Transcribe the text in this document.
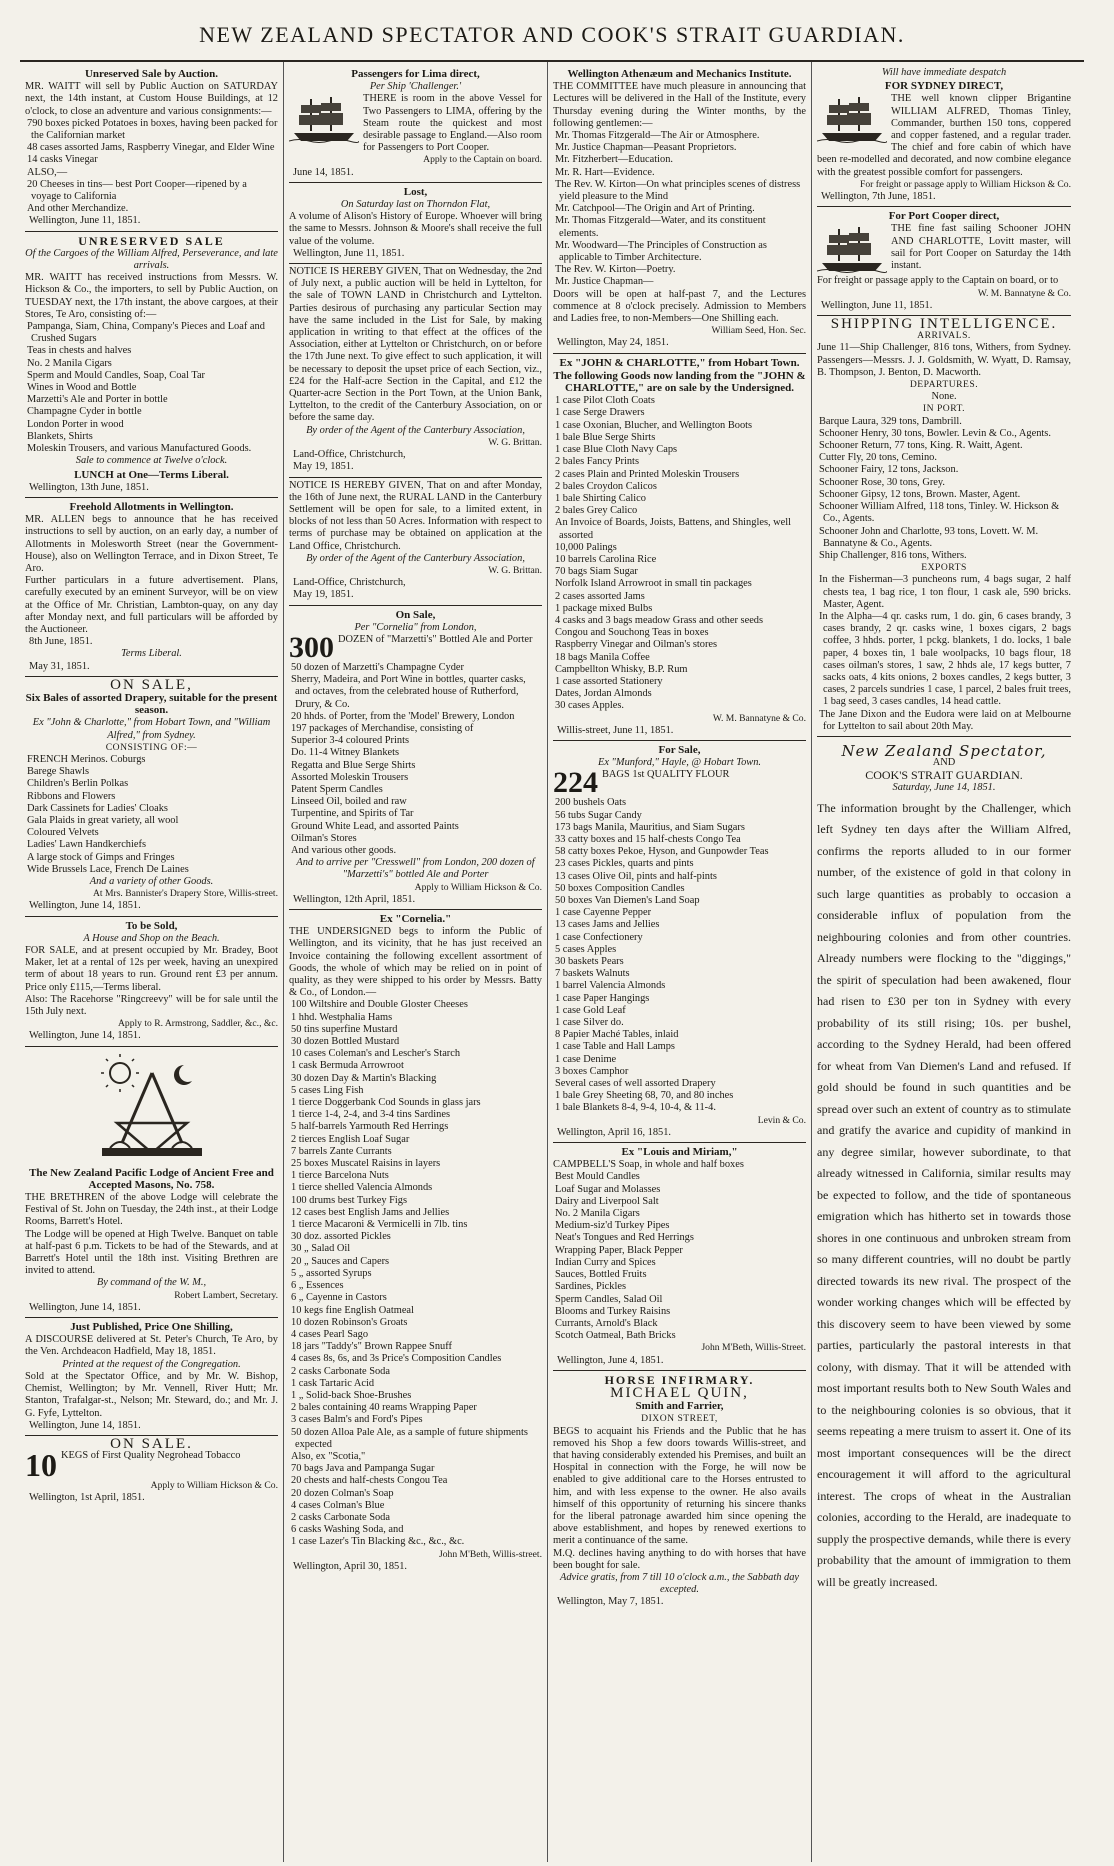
NEW ZEALAND SPECTATOR AND COOK'S STRAIT GUARDIAN.
Unreserved Sale by Auction.
MR. WAITT will sell by Public Auction on SATURDAY next, the 14th instant, at Custom House Buildings, at 12 o'clock, to close an adventure and various consignments:—
790 boxes picked Potatoes in boxes, having been packed for the Californian market
48 cases assorted Jams, Raspberry Vinegar, and Elder Wine
14 casks Vinegar
ALSO,—
20 Cheeses in tins— best Port Cooper—ripened by a voyage to California
And other Merchandize.
Wellington, June 11, 1851.
UNRESERVED SALE
Of the Cargoes of the William Alfred, Perseverance, and late arrivals.
MR. WAITT has received instructions from Messrs. W. Hickson & Co., the importers, to sell by Public Auction, on TUESDAY next, the 17th instant, the above cargoes, at their Stores, Te Aro, consisting of:—
Pampanga, Siam, China, Company's Pieces and Loaf and Crushed Sugars
Teas in chests and halves
No. 2 Manila Cigars
Sperm and Mould Candles, Soap, Coal Tar
Wines in Wood and Bottle
Marzetti's Ale and Porter in bottle
Champagne Cyder in bottle
London Porter in wood
Blankets, Shirts
Moleskin Trousers, and various Manufactured Goods.
Sale to commence at Twelve o'clock.
LUNCH at One—Terms Liberal.
Wellington, 13th June, 1851.
Freehold Allotments in Wellington.
MR. ALLEN begs to announce that he has received instructions to sell by auction, on an early day, a number of Allotments in Molesworth Street (near the Government-House), also on Wellington Terrace, and in Dixon Street, Te Aro.
Further particulars in a future advertisement. Plans, carefully executed by an eminent Surveyor, will be on view at the Office of Mr. Christian, Lambton-quay, on any day after Monday next, and full particulars will be afforded by the Auctioneer.
8th June, 1851.
Terms Liberal.
May 31, 1851.
ON SALE,
Six Bales of assorted Drapery, suitable for the present season.
Ex "John & Charlotte," from Hobart Town, and "William Alfred," from Sydney.
CONSISTING OF:—
FRENCH Merinos. Coburgs
Barege Shawls
Children's Berlin Polkas
Ribbons and Flowers
Dark Cassinets for Ladies' Cloaks
Gala Plaids in great variety, all wool
Coloured Velvets
Ladies' Lawn Handkerchiefs
A large stock of Gimps and Fringes
Wide Brussels Lace, French De Laines
And a variety of other Goods.
At Mrs. Bannister's Drapery Store, Willis-street.
Wellington, June 14, 1851.
To be Sold,
A House and Shop on the Beach.
FOR SALE, and at present occupied by Mr. Bradey, Boot Maker, let at a rental of 12s per week, having an unexpired term of about 18 years to run. Ground rent £3 per annum. Price only £115,—Terms liberal.
Also: The Racehorse "Ringcreevy" will be for sale until the 15th July next.
Apply to R. Armstrong, Saddler, &c., &c.
Wellington, June 14, 1851.
The New Zealand Pacific Lodge of Ancient Free and Accepted Masons, No. 758.
THE BRETHREN of the above Lodge will celebrate the Festival of St. John on Tuesday, the 24th inst., at their Lodge Rooms, Barrett's Hotel.
The Lodge will be opened at High Twelve. Banquet on table at half-past 6 p.m. Tickets to be had of the Stewards, and at Barrett's Hotel until the 18th inst. Visiting Brethren are invited to attend.
By command of the W. M.,
Robert Lambert, Secretary.
Wellington, June 14, 1851.
Just Published, Price One Shilling,
A DISCOURSE delivered at St. Peter's Church, Te Aro, by the Ven. Archdeacon Hadfield, May 18, 1851.
Printed at the request of the Congregation.
Sold at the Spectator Office, and by Mr. W. Bishop, Chemist, Wellington; by Mr. Vennell, River Hutt; Mr. Stanton, Trafalgar-st., Nelson; Mr. Steward, do.; and Mr. J. G. Fyfe, Lyttelton.
Wellington, June 14, 1851.
ON SALE.
10 KEGS of First Quality Negrohead Tobacco
Apply to William Hickson & Co.
Wellington, 1st April, 1851.
Passengers for Lima direct,
Per Ship 'Challenger.'
THERE is room in the above Vessel for Two Passengers to LIMA, offering by the Steam route the quickest and most desirable passage to England.—Also room for Passengers to Port Cooper.
Apply to the Captain on board.
June 14, 1851.
Lost,
On Saturday last on Thorndon Flat,
A volume of Alison's History of Europe. Whoever will bring the same to Messrs. Johnson & Moore's shall receive the full value of the volume.
Wellington, June 11, 1851.
NOTICE IS HEREBY GIVEN, That on Wednesday, the 2nd of July next, a public auction will be held in Lyttelton, for the sale of TOWN LAND in Christchurch and Lyttelton. Parties desirous of purchasing any particular Section may have the same included in the List for Sale, by making application in writing to that effect at the offices of the Association, either at Lyttelton or Christchurch, on or before the 17th June next. To give effect to such application, it will be necessary to deposit the upset price of each Section, viz., £24 for the Half-acre Section in the Capital, and £12 the Quarter-acre Section in the Port Town, at the Union Bank, Lyttelton, to the credit of the Canterbury Association, on or before the same day.
By order of the Agent of the Canterbury Association,
W. G. Brittan.
Land-Office, Christchurch,
May 19, 1851.
NOTICE IS HEREBY GIVEN, That on and after Monday, the 16th of June next, the RURAL LAND in the Canterbury Settlement will be open for sale, to a limited extent, in blocks of not less than 50 Acres. Information with respect to terms of purchase may be obtained on application at the Land Office, Christchurch.
By order of the Agent of the Canterbury Association,
W. G. Brittan.
Land-Office, Christchurch,
May 19, 1851.
On Sale,
Per "Cornelia" from London,
300 DOZEN of "Marzetti's" Bottled Ale and Porter
50 dozen of Marzetti's Champagne Cyder
Sherry, Madeira, and Port Wine in bottles, quarter casks, and octaves, from the celebrated house of Rutherford, Drury, & Co.
20 hhds. of Porter, from the 'Model' Brewery, London
197 packages of Merchandise, consisting of
Superior 3-4 coloured Prints
Do. 11-4 Witney Blankets
Regatta and Blue Serge Shirts
Assorted Moleskin Trousers
Patent Sperm Candles
Linseed Oil, boiled and raw
Turpentine, and Spirits of Tar
Ground White Lead, and assorted Paints
Oilman's Stores
And various other goods.
And to arrive per "Cresswell" from London, 200 dozen of "Marzetti's" bottled Ale and Porter
Apply to William Hickson & Co.
Wellington, 12th April, 1851.
Ex "Cornelia."
THE UNDERSIGNED begs to inform the Public of Wellington, and its vicinity, that he has just received an Invoice containing the following excellent assortment of Goods, the whole of which may be relied on in point of quality, as they were shipped to his order by Messrs. Batty & Co., of London.—
100 Wiltshire and Double Gloster Cheeses
1 hhd. Westphalia Hams
50 tins superfine Mustard
30 dozen Bottled Mustard
10 cases Coleman's and Lescher's Starch
1 cask Bermuda Arrowroot
30 dozen Day & Martin's Blacking
5 cases Ling Fish
1 tierce Doggerbank Cod Sounds in glass jars
1 tierce 1-4, 2-4, and 3-4 tins Sardines
5 half-barrels Yarmouth Red Herrings
2 tierces English Loaf Sugar
7 barrels Zante Currants
25 boxes Muscatel Raisins in layers
1 tierce Barcelona Nuts
1 tierce shelled Valencia Almonds
100 drums best Turkey Figs
12 cases best English Jams and Jellies
1 tierce Macaroni & Vermicelli in 7lb. tins
30 doz. assorted Pickles
30 „ Salad Oil
20 „ Sauces and Capers
5 „ assorted Syrups
6 „ Essences
6 „ Cayenne in Castors
10 kegs fine English Oatmeal
10 dozen Robinson's Groats
4 cases Pearl Sago
18 jars "Taddy's" Brown Rappee Snuff
4 cases 8s, 6s, and 3s Price's Composition Candles
2 casks Carbonate Soda
1 cask Tartaric Acid
1 „ Solid-back Shoe-Brushes
2 bales containing 40 reams Wrapping Paper
3 cases Balm's and Ford's Pipes
50 dozen Alloa Pale Ale, as a sample of future shipments expected
Also, ex "Scotia,"
70 bags Java and Pampanga Sugar
20 chests and half-chests Congou Tea
20 dozen Colman's Soap
4 cases Colman's Blue
2 casks Carbonate Soda
6 casks Washing Soda, and
1 case Lazer's Tin Blacking &c., &c., &c.
John M'Beth, Willis-street.
Wellington, April 30, 1851.
Wellington Athenæum and Mechanics Institute.
THE COMMITTEE have much pleasure in announcing that Lectures will be delivered in the Hall of the Institute, every Thursday evening during the Winter months, by the following gentlemen:—
Mr. Thomas Fitzgerald—The Air or Atmosphere.
Mr. Justice Chapman—Peasant Proprietors.
Mr. Fitzherbert—Education.
Mr. R. Hart—Evidence.
The Rev. W. Kirton—On what principles scenes of distress yield pleasure to the Mind
Mr. Catchpool—The Origin and Art of Printing.
Mr. Thomas Fitzgerald—Water, and its constituent elements.
Mr. Woodward—The Principles of Construction as applicable to Timber Architecture.
The Rev. W. Kirton—Poetry.
Mr. Justice Chapman—
Doors will be open at half-past 7, and the Lectures commence at 8 o'clock precisely. Admission to Members and Ladies free, to non-Members—One Shilling each.
William Seed, Hon. Sec.
Wellington, May 24, 1851.
Ex "JOHN & CHARLOTTE," from Hobart Town.
The following Goods now landing from the "JOHN & CHARLOTTE," are on sale by the Undersigned.
1 case Pilot Cloth Coats
1 case Serge Drawers
1 case Oxonian, Blucher, and Wellington Boots
1 bale Blue Serge Shirts
1 case Blue Cloth Navy Caps
2 bales Fancy Prints
2 cases Plain and Printed Moleskin Trousers
2 bales Croydon Calicos
1 bale Shirting Calico
2 bales Grey Calico
An Invoice of Boards, Joists, Battens, and Shingles, well assorted
10,000 Palings
10 barrels Carolina Rice
70 bags Siam Sugar
Norfolk Island Arrowroot in small tin packages
2 cases assorted Jams
1 package mixed Bulbs
4 casks and 3 bags meadow Grass and other seeds
Congou and Souchong Teas in boxes
Raspberry Vinegar and Oilman's stores
18 bags Manila Coffee
Campbellton Whisky, B.P. Rum
1 case assorted Stationery
Dates, Jordan Almonds
30 cases Apples.
W. M. Bannatyne & Co.
Willis-street, June 11, 1851.
For Sale,
Ex "Munford," Hayle, @ Hobart Town.
224 BAGS 1st QUALITY FLOUR
200 bushels Oats
56 tubs Sugar Candy
173 bags Manila, Mauritius, and Siam Sugars
33 catty boxes and 15 half-chests Congo Tea
58 catty boxes Pekoe, Hyson, and Gunpowder Teas
23 cases Pickles, quarts and pints
13 cases Olive Oil, pints and half-pints
50 boxes Composition Candles
50 boxes Van Diemen's Land Soap
1 case Cayenne Pepper
13 cases Jams and Jellies
1 case Confectionery
5 cases Apples
30 baskets Pears
7 baskets Walnuts
1 barrel Valencia Almonds
1 case Paper Hangings
1 case Gold Leaf
1 case Silver do.
8 Papier Maché Tables, inlaid
1 case Table and Hall Lamps
1 case Denime
3 boxes Camphor
Several cases of well assorted Drapery
1 bale Grey Sheeting 68, 70, and 80 inches
1 bale Blankets 8-4, 9-4, 10-4, & 11-4.
Levin & Co.
Wellington, April 16, 1851.
Ex "Louis and Miriam,"
CAMPBELL'S Soap, in whole and half boxes
Best Mould Candles
Loaf Sugar and Molasses
Dairy and Liverpool Salt
No. 2 Manila Cigars
Medium-siz'd Turkey Pipes
Neat's Tongues and Red Herrings
Wrapping Paper, Black Pepper
Indian Curry and Spices
Sauces, Bottled Fruits
Sardines, Pickles
Sperm Candles, Salad Oil
Blooms and Turkey Raisins
Currants, Arnold's Black
Scotch Oatmeal, Bath Bricks
John M'Beth, Willis-Street.
Wellington, June 4, 1851.
HORSE INFIRMARY.
MICHAEL QUIN,
Smith and Farrier,
DIXON STREET,
BEGS to acquaint his Friends and the Public that he has removed his Shop a few doors towards Willis-street, and that having considerably extended his Premises, and built an Hospital in connection with the Forge, he will now be enabled to give additional care to the Horses entrusted to him, and with less expense to the owner. He also avails himself of this opportunity of returning his sincere thanks for the liberal patronage awarded him since opening the above establishment, and hopes by renewed exertions to merit a continuance of the same.
M.Q. declines having anything to do with horses that have been bought for sale.
Advice gratis, from 7 till 10 o'clock a.m., the Sabbath day excepted.
Wellington, May 7, 1851.
Will have immediate despatch
FOR SYDNEY DIRECT,
THE well known clipper Brigantine WILLIAM ALFRED, Thomas Tinley, Commander, burthen 150 tons, coppered and copper fastened, and a regular trader. The chief and fore cabin of which have been re-modelled and decorated, and now combine elegance with the greatest possible comfort for passengers.
For freight or passage apply to William Hickson & Co.
Wellington, 7th June, 1851.
For Port Cooper direct,
THE fine fast sailing Schooner JOHN AND CHARLOTTE, Lovitt master, will sail for Port Cooper on Saturday the 14th instant.
For freight or passage apply to the Captain on board, or to
W. M. Bannatyne & Co.
Wellington, June 11, 1851.
SHIPPING INTELLIGENCE.
ARRIVALS.
June 11—Ship Challenger, 816 tons, Withers, from Sydney. Passengers—Messrs. J. J. Goldsmith, W. Wyatt, D. Ramsay, B. Thompson, J. Benton, D. Macworth.
DEPARTURES.
None.
IN PORT.
Barque Laura, 329 tons, Dambrill.
Schooner Henry, 30 tons, Bowler. Levin & Co., Agents.
Schooner Return, 77 tons, King. R. Waitt, Agent.
Cutter Fly, 20 tons, Cemino.
Schooner Fairy, 12 tons, Jackson.
Schooner Rose, 30 tons, Grey.
Schooner Gipsy, 12 tons, Brown. Master, Agent.
Schooner William Alfred, 118 tons, Tinley. W. Hickson & Co., Agents.
Schooner John and Charlotte, 93 tons, Lovett. W. M. Bannatyne & Co., Agents.
Ship Challenger, 816 tons, Withers.
EXPORTS
In the Fisherman—3 puncheons rum, 4 bags sugar, 2 half chests tea, 1 bag rice, 1 ton flour, 1 cask ale, 590 bricks. Master, Agent.
In the Alpha—4 qr. casks rum, 1 do. gin, 6 cases brandy, 3 cases brandy, 2 qr. casks wine, 1 boxes cigars, 2 bags coffee, 3 hhds. porter, 1 pckg. blankets, 1 do. locks, 1 bale paper, 4 boxes tin, 1 bale woolpacks, 10 bags flour, 18 cases oilman's stores, 1 saw, 2 hhds ale, 17 kegs butter, 7 sacks oats, 4 kits onions, 2 boxes candles, 2 kegs butter, 3 cases, 2 parcels sundries 1 case, 1 parcel, 2 bales fruit trees, 1 bag seed, 3 cases candles, 14 head cattle.
The Jane Dixon and the Eudora were laid on at Melbourne for Lyttelton to sail about 20th May.
New Zealand Spectator,
AND
COOK'S STRAIT GUARDIAN.
Saturday, June 14, 1851.
The information brought by the Challenger, which left Sydney ten days after the William Alfred, confirms the reports alluded to in our former number, of the existence of gold in that colony in such large quantities as probably to occasion a considerable influx of population from the neighbouring colonies and from other countries. Already numbers were flocking to the "diggings," the spirit of speculation had been awakened, flour had risen to £30 per ton in Sydney with every probability of its still rising; 10s. per bushel, according to the Sydney Herald, had been offered for wheat from Van Diemen's Land and refused. If gold should be found in such quantities and be spread over such an extent of country as to stimulate and gratify the avarice and cupidity of mankind in any degree similar, however subordinate, to that already witnessed in California, similar results may be expected to follow, and the tide of spontaneous emigration which has hitherto set in towards those shores in one continuous and unbroken stream from so many different countries, will no doubt be partly directed towards its new rival. The prospect of the wonder working changes which will be effected by this discovery seem to have been viewed by some parties, particularly the pastoral interests in that colony, with dismay. That it will be attended with most important results both to New South Wales and to the neighbouring colonies is so obvious, that it seems repeating a mere truism to assert it. One of its most important consequences will be the direct encouragement it will afford to the agricultural interest. The crops of wheat in the Australian colonies, according to the Herald, are inadequate to supply the prospective demands, while there is every probability that the amount of immigration to them will be greatly increased.
